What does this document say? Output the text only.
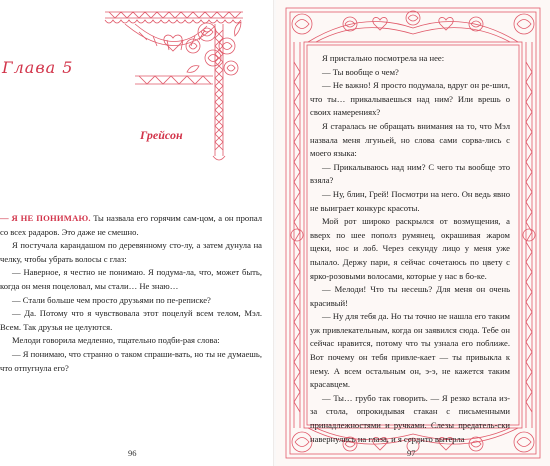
Глава 5
Грейсон

— Я НЕ ПОНИМАЮ. Ты назвала его горячим сам-цом, а он пропал со всех радаров. Это даже не смешно.

Я постучала карандашом по деревянному сто-лу, а затем дунула на челку, чтобы убрать волосы с глаз:

— Наверное, я честно не понимаю. Я подума-ла, что, может быть, когда он меня поцеловал, мы стали… Не знаю…

— Стали больше чем просто друзьями по пе-реписке?

— Да. Потому что я чувствовала этот поцелуй всем телом, Мэл. Всем. Так друзья не целуются.

Мелоди говорила медленно, тщательно подби-рая слова:

— Я понимаю, что странно о таком спраши-вать, но ты не думаешь, что отпугнула его?

96

Я пристально посмотрела на нее:

— Ты вообще о чем?

— Не важно! Я просто подумала, вдруг он ре-шил, что ты… прикалываешься над ним? Или врешь о своих намерениях?

Я старалась не обращать внимания на то, что Мэл назвала меня лгуньей, но слова сами сорва-лись с моего языка:

— Прикалываюсь над ним? С чего ты вообще это взяла?

— Ну, блин, Грей! Посмотри на него. Он ведь явно не выиграет конкурс красоты.

Мой рот широко раскрылся от возмущения, а вверх по шее пополз румянец, окрашивая жаром щеки, нос и лоб. Через секунду лицо у меня уже пылало. Держу пари, я сейчас сочетаюсь по цвету с ярко-розовыми волосами, которые у нас в бо-ке.

— Мелоди! Что ты несешь? Для меня он очень красивый!

— Ну для тебя да. Но ты точно не нашла его таким уж привлекательным, когда он заявился сюда. Тебе он сейчас нравится, потому что ты узнала его поближе. Вот почему он тебя привле-кает — ты привыкла к нему. А всем остальным он, э-э, не кажется таким красавцем.

— Ты… грубо так говорить. — Я резко встала из-за стола, опрокидывая стакан с письменными принадлежностями и ручками. Слезы предатель-ски навернулись на глаза, и я сердито вытерла

97
